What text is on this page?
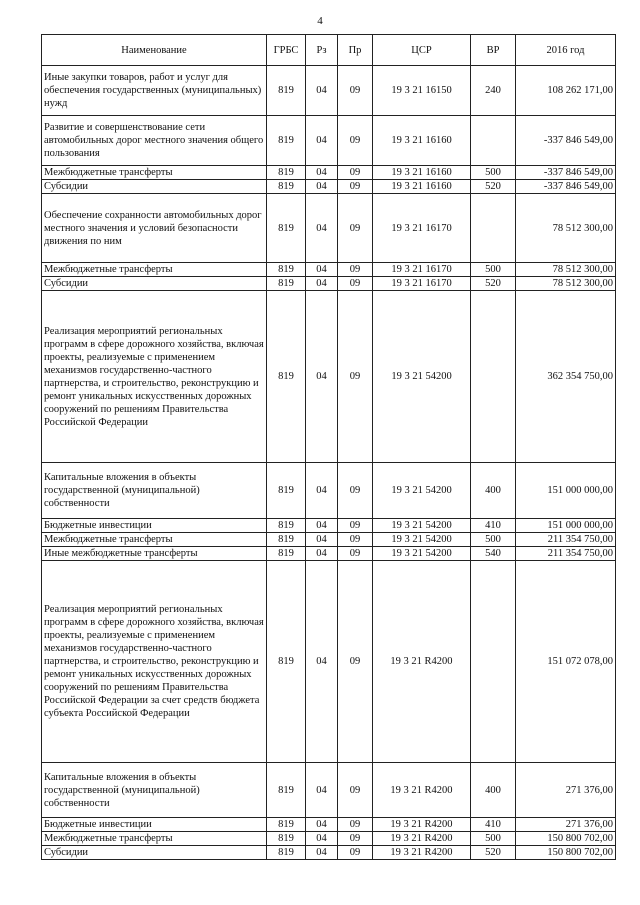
4
Наименование	ГРБС	Рз	Пр	ЦСР	ВР	2016 год
Иные закупки товаров, работ и услуг для обеспечения государственных (муниципальных) нужд	819	04	09	19 3 21 16150	240	108 262 171,00
Развитие и совершенствование сети автомобильных дорог местного значения общего пользования	819	04	09	19 3 21 16160		-337 846 549,00
Межбюджетные трансферты	819	04	09	19 3 21 16160	500	-337 846 549,00
Субсидии	819	04	09	19 3 21 16160	520	-337 846 549,00
Обеспечение сохранности автомобильных дорог местного значения и условий безопасности движения по ним	819	04	09	19 3 21 16170		78 512 300,00
Межбюджетные трансферты	819	04	09	19 3 21 16170	500	78 512 300,00
Субсидии	819	04	09	19 3 21 16170	520	78 512 300,00
Реализация мероприятий региональных программ в сфере дорожного хозяйства, включая проекты, реализуемые с применением механизмов государственно-частного партнерства, и строительство, реконструкцию и ремонт уникальных искусственных дорожных сооружений по решениям Правительства Российской Федерации	819	04	09	19 3 21 54200		362 354 750,00
Капитальные вложения в объекты государственной (муниципальной) собственности	819	04	09	19 3 21 54200	400	151 000 000,00
Бюджетные инвестиции	819	04	09	19 3 21 54200	410	151 000 000,00
Межбюджетные трансферты	819	04	09	19 3 21 54200	500	211 354 750,00
Иные межбюджетные трансферты	819	04	09	19 3 21 54200	540	211 354 750,00
Реализация мероприятий региональных программ в сфере дорожного хозяйства, включая проекты, реализуемые с применением механизмов государственно-частного партнерства, и строительство, реконструкцию и ремонт уникальных искусственных дорожных сооружений по решениям Правительства Российской Федерации за счет средств бюджета субъекта Российской Федерации	819	04	09	19 3 21 R4200		151 072 078,00
Капитальные вложения в объекты государственной (муниципальной) собственности	819	04	09	19 3 21 R4200	400	271 376,00
Бюджетные инвестиции	819	04	09	19 3 21 R4200	410	271 376,00
Межбюджетные трансферты	819	04	09	19 3 21 R4200	500	150 800 702,00
Субсидии	819	04	09	19 3 21 R4200	520	150 800 702,00
